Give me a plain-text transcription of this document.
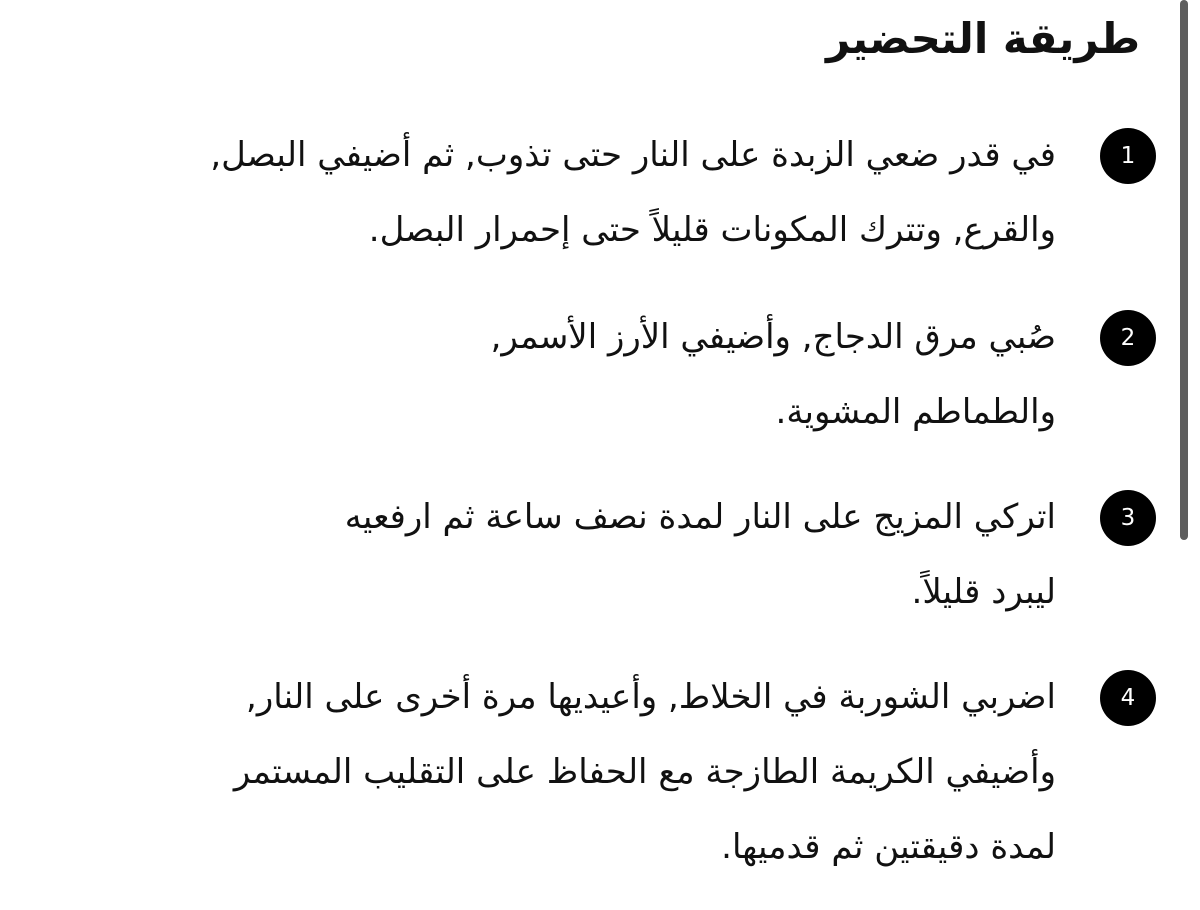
طريقة التحضير
1

في قدر ضعي الزبدة على النار حتى تذوب, ثم أضيفي البصل,
والقرع, وتترك المكونات قليلاً حتى إحمرار البصل.

2

صُبي مرق الدجاج, وأضيفي الأرز الأسمر,
والطماطم المشوية.

3

اتركي المزيج على النار لمدة نصف ساعة ثم ارفعيه
ليبرد قليلاً.

4

اضربي الشوربة في الخلاط, وأعيديها مرة أخرى على النار,
وأضيفي الكريمة الطازجة مع الحفاظ على التقليب المستمر
لمدة دقيقتين ثم قدميها.
